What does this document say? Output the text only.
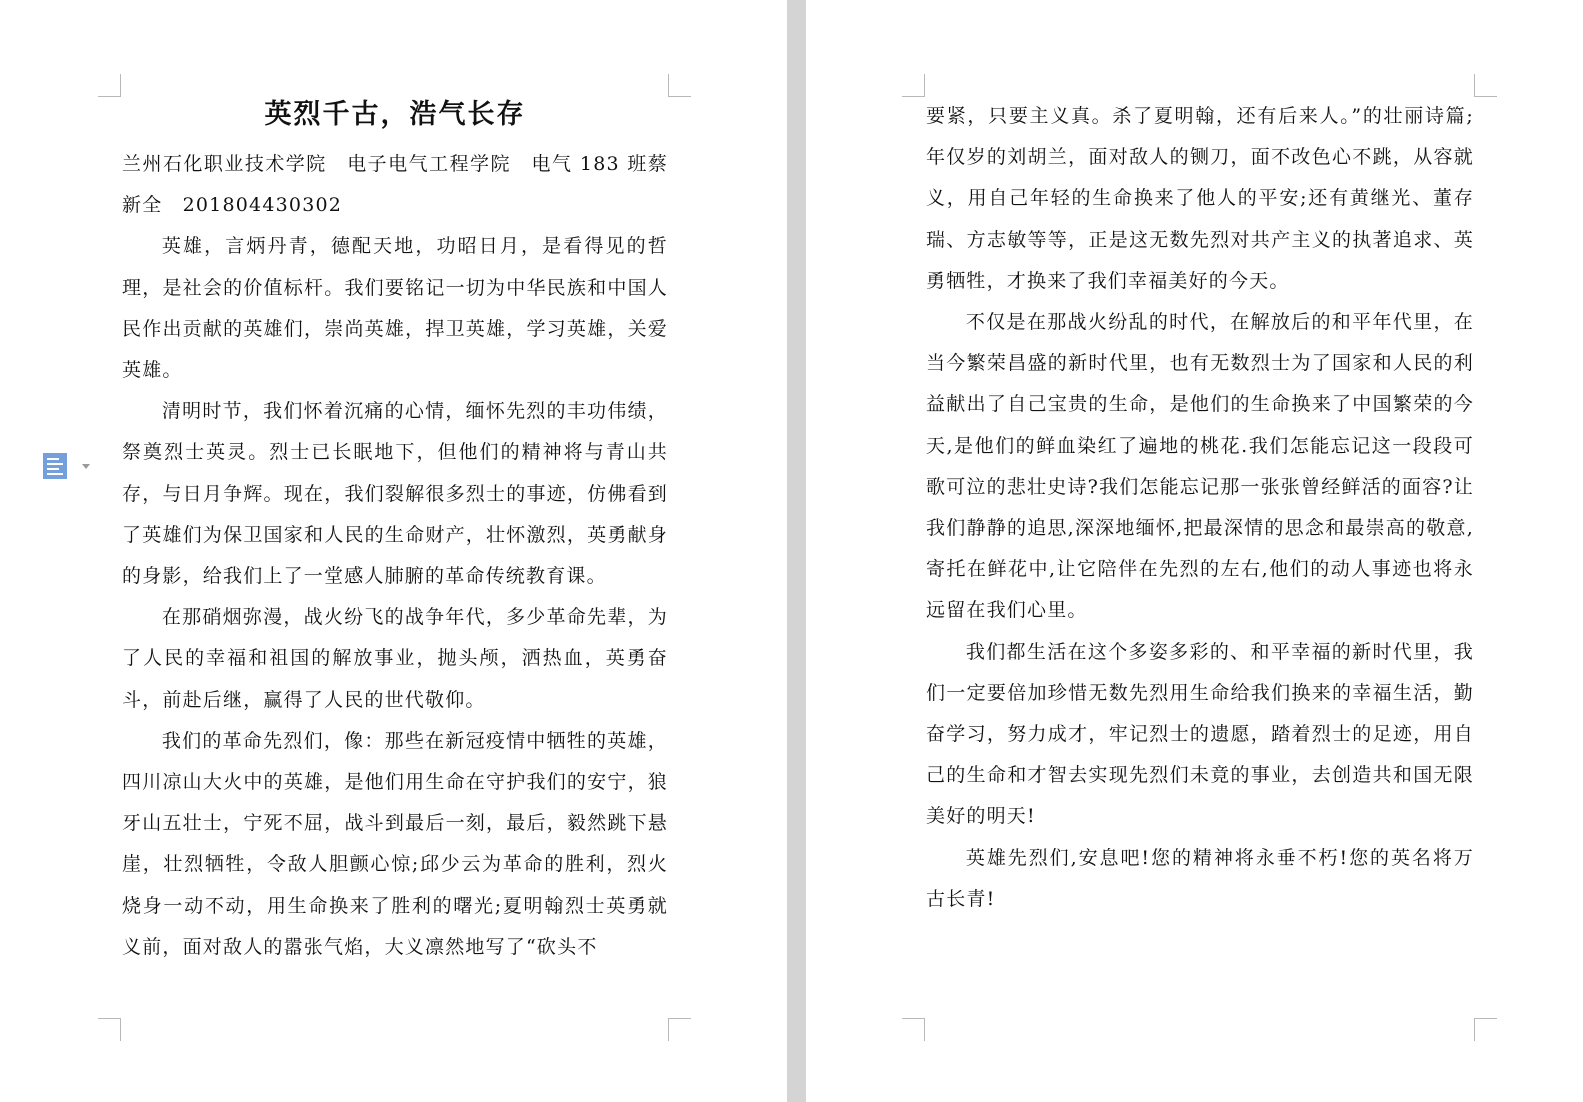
英烈千古，浩气长存

兰州石化职业技术学院　电子电气工程学院　电气 183 班蔡新全　201804430302

英雄，言炳丹青，德配天地，功昭日月，是看得见的哲理，是社会的价值标杆。我们要铭记一切为中华民族和中国人民作出贡献的英雄们，崇尚英雄，捍卫英雄，学习英雄，关爱英雄。

清明时节，我们怀着沉痛的心情，缅怀先烈的丰功伟绩，祭奠烈士英灵。烈士已长眠地下，但他们的精神将与青山共存，与日月争辉。现在，我们裂解很多烈士的事迹，仿佛看到了英雄们为保卫国家和人民的生命财产，壮怀激烈，英勇献身的身影，给我们上了一堂感人肺腑的革命传统教育课。

在那硝烟弥漫，战火纷飞的战争年代，多少革命先辈，为了人民的幸福和祖国的解放事业，抛头颅，洒热血，英勇奋斗，前赴后继，赢得了人民的世代敬仰。

我们的革命先烈们，像：那些在新冠疫情中牺牲的英雄，四川凉山大火中的英雄，是他们用生命在守护我们的安宁，狼牙山五壮士，宁死不屈，战斗到最后一刻，最后，毅然跳下悬崖，壮烈牺牲，令敌人胆颤心惊;邱少云为革命的胜利，烈火烧身一动不动，用生命换来了胜利的曙光;夏明翰烈士英勇就义前，面对敌人的嚣张气焰，大义凛然地写了“砍头不

要紧，只要主义真。杀了夏明翰，还有后来人。”的壮丽诗篇;年仅岁的刘胡兰，面对敌人的铡刀，面不改色心不跳，从容就义，用自己年轻的生命换来了他人的平安;还有黄继光、董存瑞、方志敏等等，正是这无数先烈对共产主义的执著追求、英勇牺牲，才换来了我们幸福美好的今天。

不仅是在那战火纷乱的时代，在解放后的和平年代里，在当今繁荣昌盛的新时代里，也有无数烈士为了国家和人民的利益献出了自己宝贵的生命，是他们的生命换来了中国繁荣的今天,是他们的鲜血染红了遍地的桃花.我们怎能忘记这一段段可歌可泣的悲壮史诗?我们怎能忘记那一张张曾经鲜活的面容?让我们静静的追思,深深地缅怀,把最深情的思念和最崇高的敬意,寄托在鲜花中,让它陪伴在先烈的左右,他们的动人事迹也将永远留在我们心里。

我们都生活在这个多姿多彩的、和平幸福的新时代里，我们一定要倍加珍惜无数先烈用生命给我们换来的幸福生活，勤奋学习，努力成才，牢记烈士的遗愿，踏着烈士的足迹，用自己的生命和才智去实现先烈们未竟的事业，去创造共和国无限美好的明天!

英雄先烈们,安息吧!您的精神将永垂不朽!您的英名将万古长青!
